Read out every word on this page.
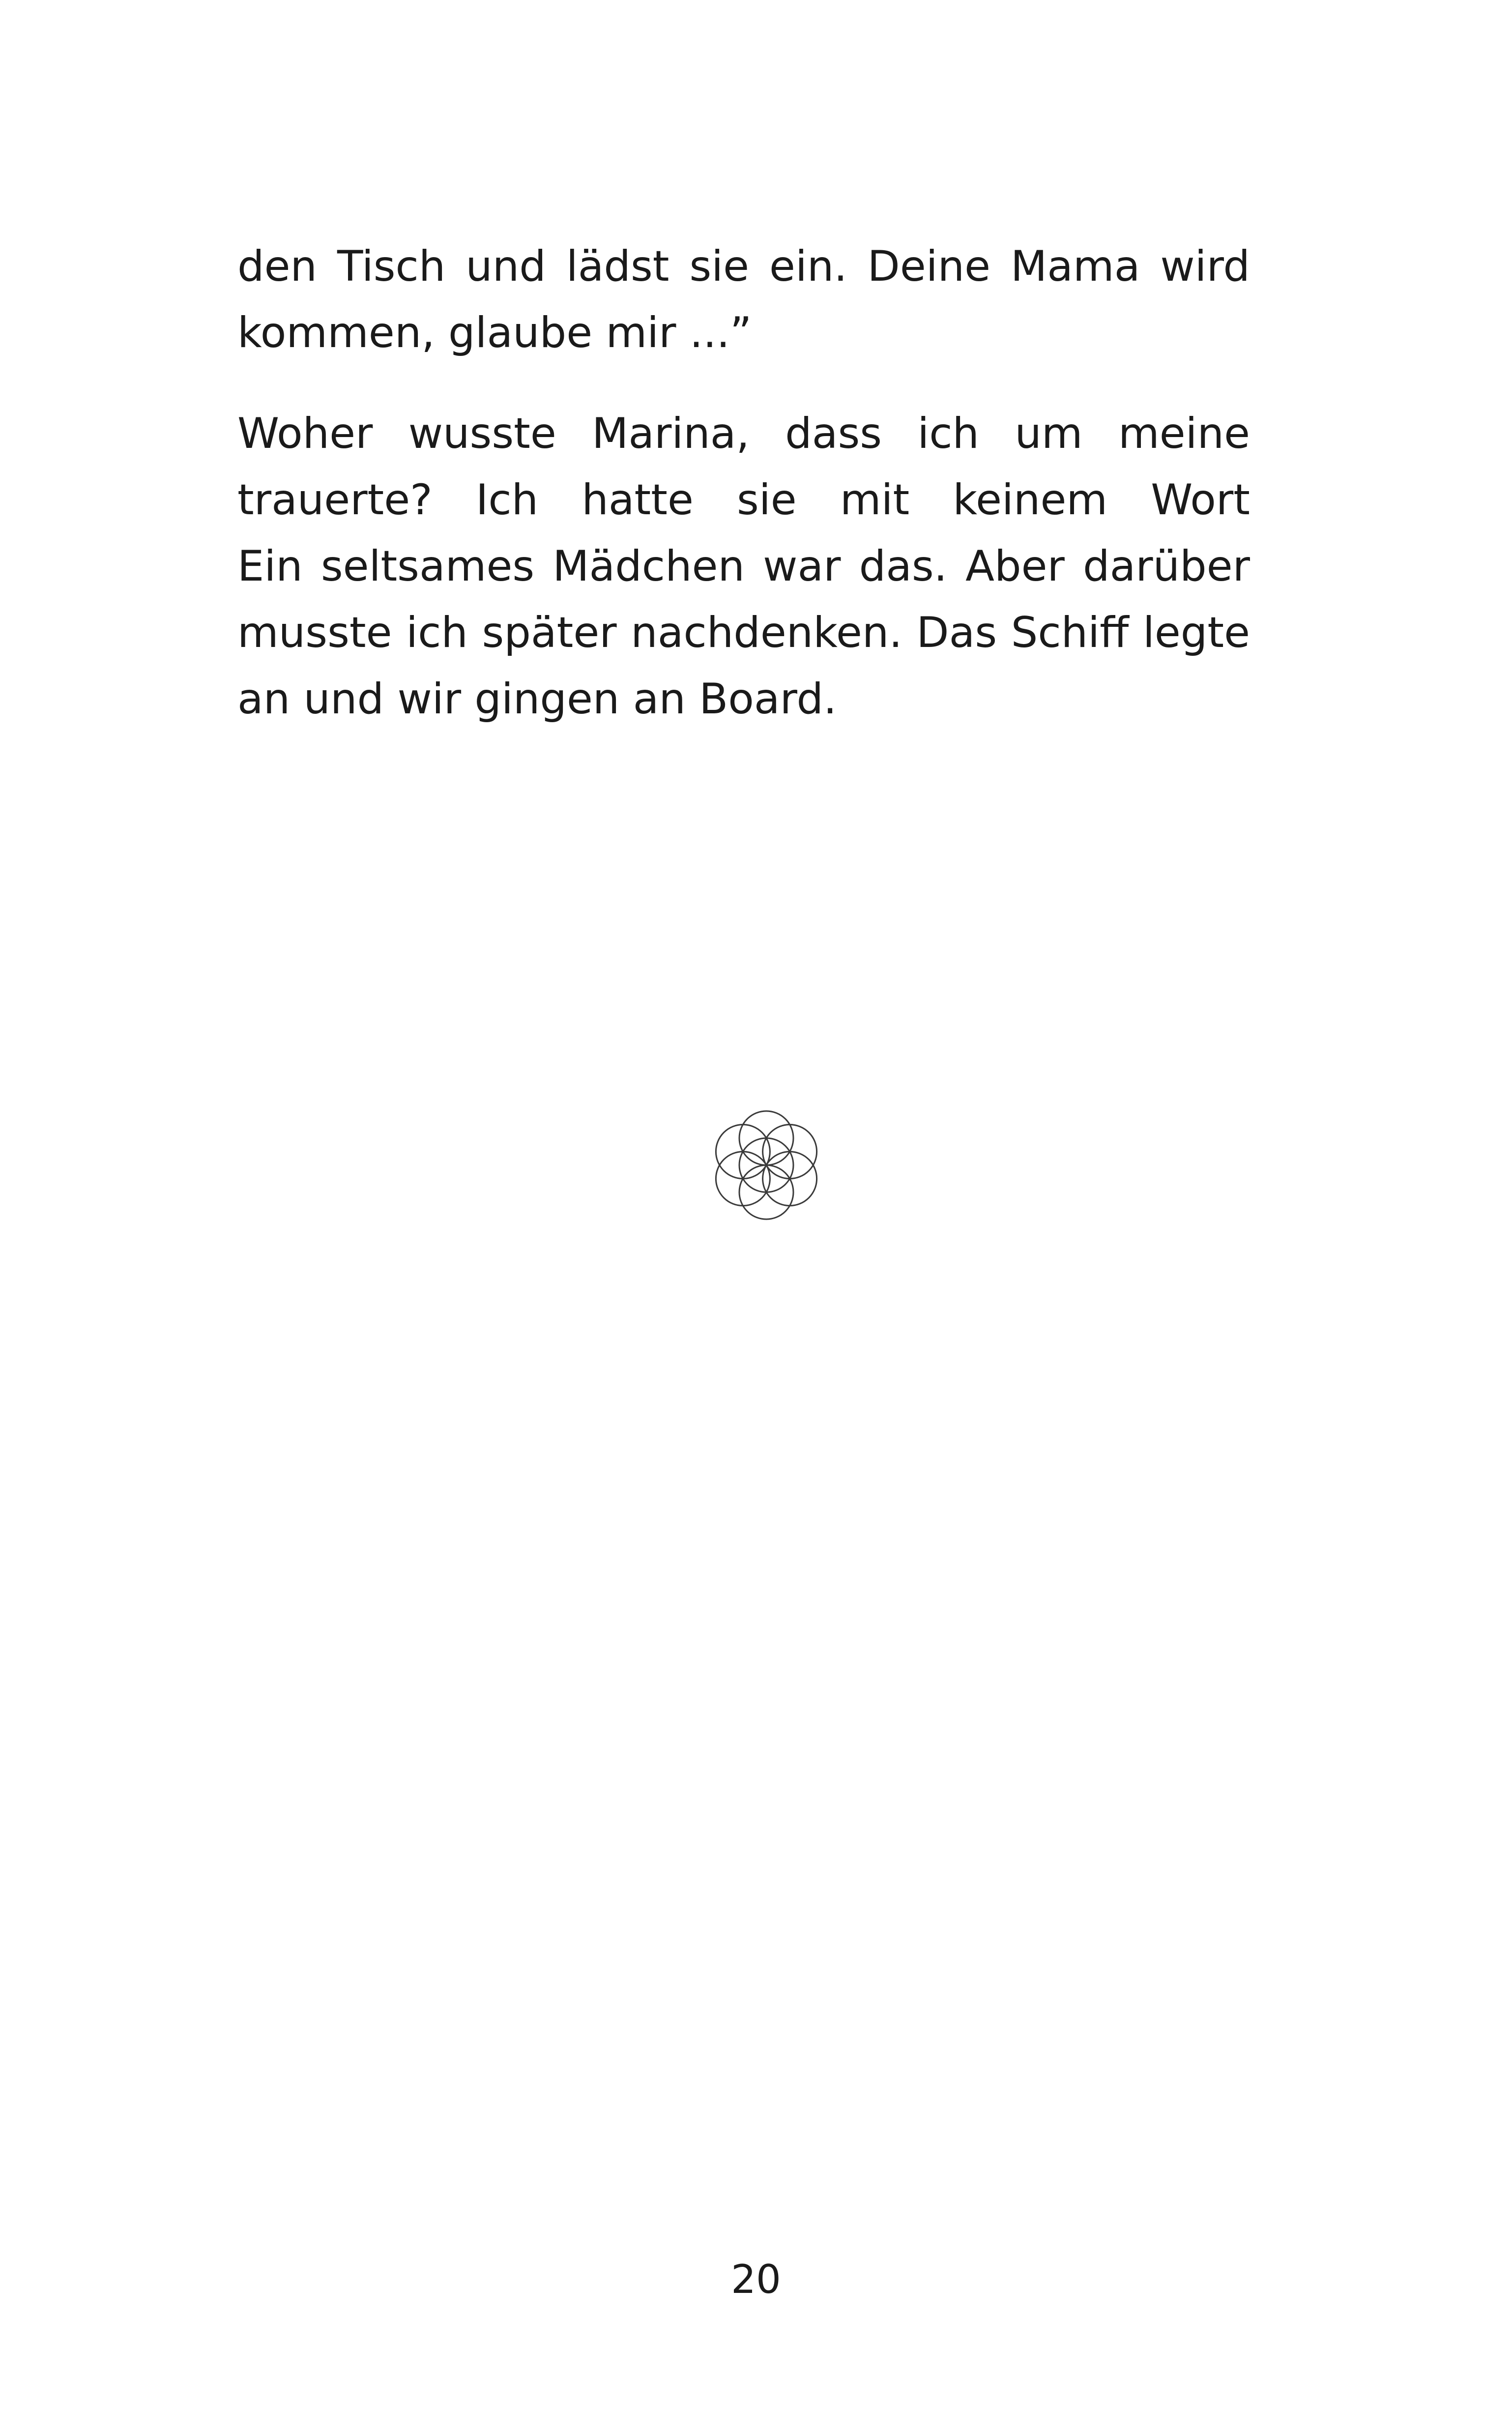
den Tisch und lädst sie ein. Deine Mama wird
kommen, glaube mir ...”
Woher wusste Marina, dass ich um meine
trauerte? Ich hatte sie mit keinem Wort
Ein seltsames Mädchen war das. Aber darüber
musste ich später nachdenken. Das Schiff legte
an und wir gingen an Board.

20
